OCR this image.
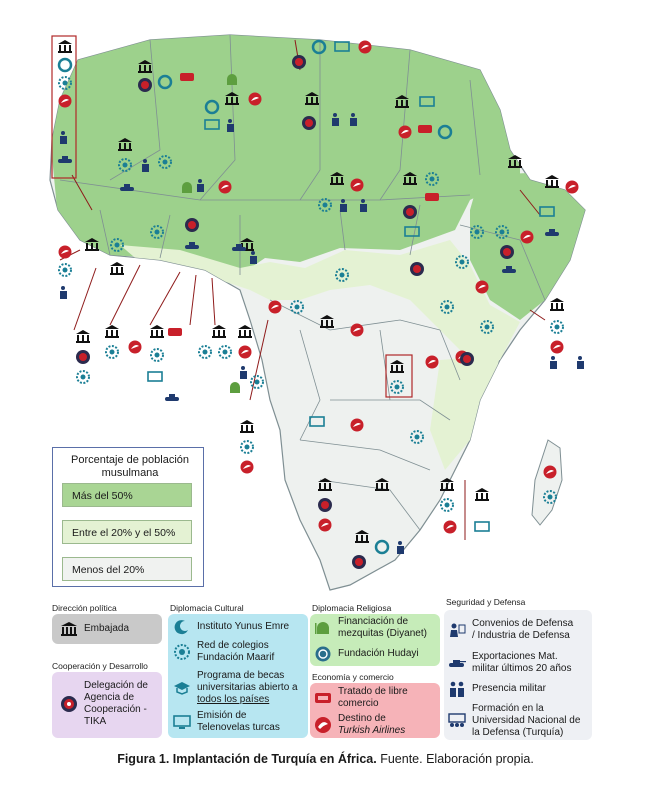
Porcentaje de población
musulmana
Más del 50%
Entre el 20% y el 50%
Menos del 20%
Dirección política
Embajada
Cooperación y Desarrollo
Delegación de
Agencia de
Cooperación -
TIKA
Diplomacia Cultural
Instituto Yunus Emre
Red de colegios
Fundación Maarif
Programa de becas
universitarias abierto a
todos los países
Emisión de
Telenovelas turcas
Diplomacia Religiosa
Financiación de
mezquitas (Diyanet)
Fundación Hudayi
Economía y comercio
Tratado de libre
comercio
Destino de
Turkish Airlines
Seguridad y Defensa
Convenios de Defensa
/ Industria de Defensa
Exportaciones Mat.
militar últimos 20 años
Presencia militar
Formación en la
Universidad Nacional de
la Defensa (Turquía)
Figura 1. Implantación de Turquía en África. Fuente. Elaboración propia.
